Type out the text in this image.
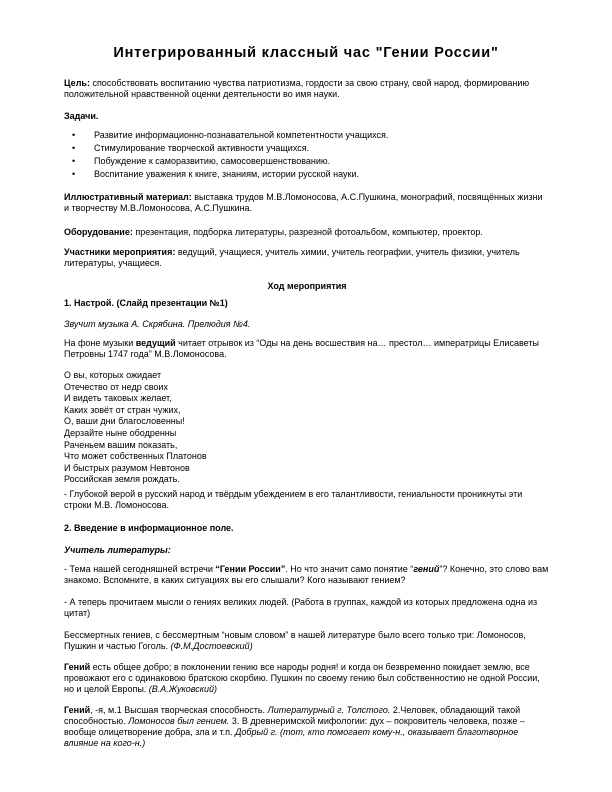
Интегрированный классный час "Гении России"
Цель: способствовать воспитанию чувства патриотизма, гордости за свою страну, свой народ, формированию положительной нравственной оценки деятельности во имя науки.
Задачи.
• Развитие информационно-познавательной компетентности учащихся.
• Стимулирование творческой активности учащихся.
• Побуждение к саморазвитию, самосовершенствованию.
• Воспитание уважения к книге, знаниям, истории русской науки.
Иллюстративный материал: выставка трудов М.В.Ломоносова, А.С.Пушкина, монографий, посвящённых жизни и творчеству М.В.Ломоносова, А.С.Пушкина.
Оборудование: презентация, подборка литературы, разрезной фотоальбом, компьютер, проектор.
Участники мероприятия: ведущий, учащиеся, учитель химии, учитель географии, учитель физики, учитель литературы, учащиеся.
Ход мероприятия
1. Настрой. (Слайд презентации №1)
Звучит музыка А. Скрябина. Прелюдия №4.
На фоне музыки ведущий читает отрывок из “Оды на день восшествия на… престол… императрицы Елисаветы Петровны 1747 года” М.В.Ломоносова.
О вы, которых ожидает
Отечество от недр своих
И видеть таковых желает,
Каких зовёт от стран чужих,
О, ваши дни благословенны!
Дерзайте ныне ободренны
Раченьем вашим показать,
Что может собственных Платонов
И быстрых разумом Невтонов
Российская земля рождать.
- Глубокой верой в русский народ и твёрдым убеждением в его талантливости, гениальности проникнуты эти строки М.В. Ломоносова.
2. Введение в информационное поле.
Учитель литературы:
- Тема нашей сегодняшней встречи “Гении России”. Но что значит само понятие “гений”? Конечно, это слово вам знакомо. Вспомните, в каких ситуациях вы его слышали? Кого называют гением?
- А теперь прочитаем мысли о гениях великих людей. (Работа в группах, каждой из которых предложена одна из цитат)
Бессмертных гениев, с бессмертным “новым словом” в нашей литературе было всего только три: Ломоносов, Пушкин и частью Гоголь. (Ф.М.Достоевский)
Гений есть общее добро; в поклонении гению все народы родня! и когда он безвременно покидает землю, все провожают его с одинаковою братскою скорбию. Пушкин по своему гению был собственностию не одной России, но и целой Европы. (В.А.Жуковский)
Гений, -я, м.1 Высшая творческая способность. Литературный г. Толстого. 2.Человек, обладающий такой способностью. Ломоносов был гением. 3. В древнеримской мифологии: дух – покровитель человека, позже – вообще олицетворение добра, зла и т.п. Добрый г. (тот, кто помогает кому-н., оказывает благотворное влияние на кого-н.)
